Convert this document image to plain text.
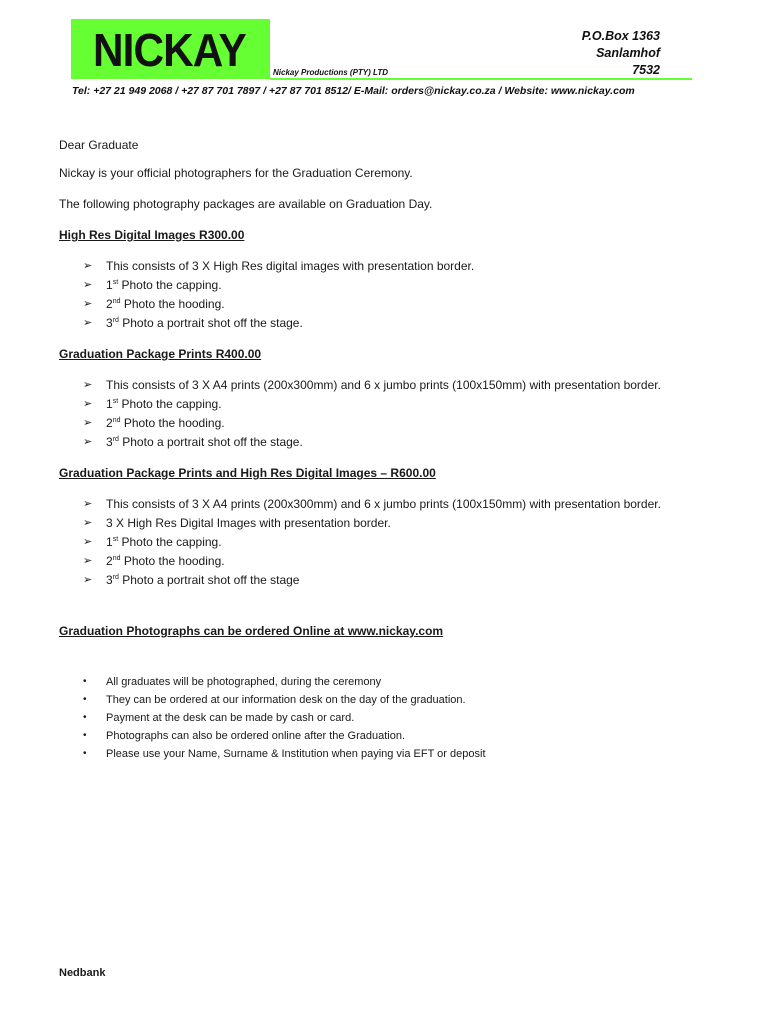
NICKAY	Nickay Productions (PTY) LTD
P.O.Box 1363
Sanlamhof
7532
Tel: +27 21 949 2068 / +27 87 701 7897 / +27 87 701 8512/ E-Mail: orders@nickay.co.za / Website: www.nickay.com
Dear Graduate
Nickay is your official photographers for the Graduation Ceremony.
The following photography packages are available on Graduation Day.
High Res Digital Images R300.00
➢ This consists of 3 X High Res digital images with presentation border.
➢ 1st Photo the capping.
➢ 2nd Photo the hooding.
➢ 3rd Photo a portrait shot off the stage.
Graduation Package Prints R400.00
➢ This consists of 3 X A4 prints (200x300mm) and 6 x jumbo prints (100x150mm) with presentation border.
➢ 1st Photo the capping.
➢ 2nd Photo the hooding.
➢ 3rd Photo a portrait shot off the stage.
Graduation Package Prints and High Res Digital Images – R600.00
➢ This consists of 3 X A4 prints (200x300mm) and 6 x jumbo prints (100x150mm) with presentation border.
➢ 3 X High Res Digital Images with presentation border.
➢ 1st Photo the capping.
➢ 2nd Photo the hooding.
➢ 3rd Photo a portrait shot off the stage
Graduation Photographs can be ordered Online at www.nickay.com
• All graduates will be photographed, during the ceremony
• They can be ordered at our information desk on the day of the graduation.
• Payment at the desk can be made by cash or card.
• Photographs can also be ordered online after the Graduation.
• Please use your Name, Surname & Institution when paying via EFT or deposit
Nedbank
